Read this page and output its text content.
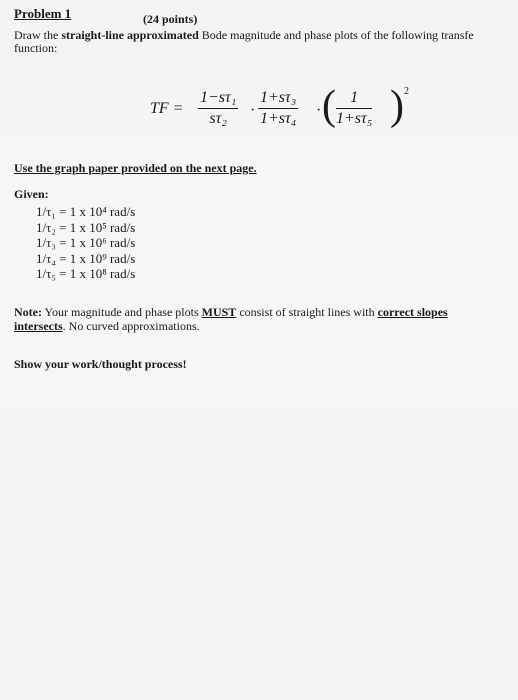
Problem 1	(24 points)
Draw the straight-line approximated Bode magnitude and phase plots of the following transfe
function:
TF = $\frac{\text{1−sτ₁}}{\text{sτ₂}} \cdot \frac{\text{1+sτ₃}}{\text{1+sτ₄}}$ · ( $\frac{1}{\text{1+sτ₅}}$ ) 2
Use the graph paper provided on the next page.
Given:
1/τ₁ = 1 x 10⁴ rad/s
1/τ₂ = 1 x 10⁵ rad/s
1/τ₃ = 1 x 10⁶ rad/s
1/τ₄ = 1 x 10⁹ rad/s
1/τ₅ = 1 x 10⁸ rad/s
Note: Your magnitude and phase plots MUST consist of straight lines with correct slopes
intersects. No curved approximations.
Show your work/thought process!
